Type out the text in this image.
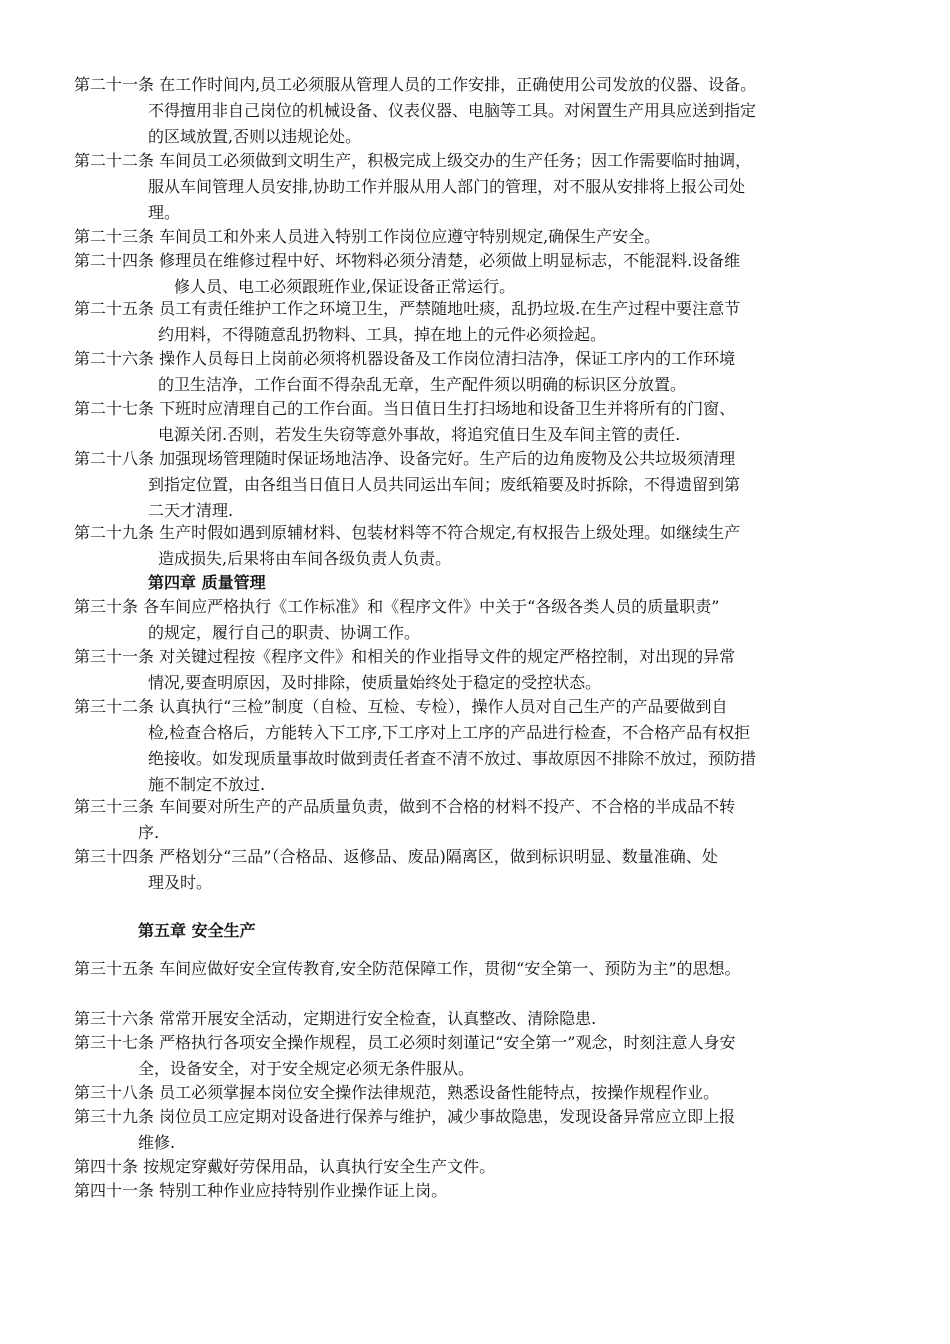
第二十一条 在工作时间内,员工必须服从管理人员的工作安排，正确使用公司发放的仪器、设备。
不得擅用非自己岗位的机械设备、仪表仪器、电脑等工具。对闲置生产用具应送到指定
的区域放置,否则以违规论处。

第二十二条 车间员工必须做到文明生产，积极完成上级交办的生产任务；因工作需要临时抽调，
服从车间管理人员安排,协助工作并服从用人部门的管理，对不服从安排将上报公司处
理。

第二十三条 车间员工和外来人员进入特别工作岗位应遵守特别规定,确保生产安全。

第二十四条 修理员在维修过程中好、坏物料必须分清楚，必须做上明显标志，不能混料.设备维
修人员、电工必须跟班作业,保证设备正常运行。

第二十五条 员工有责任维护工作之环境卫生，严禁随地吐痰，乱扔垃圾.在生产过程中要注意节
约用料，不得随意乱扔物料、工具，掉在地上的元件必须捡起。

第二十六条 操作人员每日上岗前必须将机器设备及工作岗位清扫洁净，保证工序内的工作环境
的卫生洁净，工作台面不得杂乱无章，生产配件须以明确的标识区分放置。

第二十七条 下班时应清理自己的工作台面。当日值日生打扫场地和设备卫生并将所有的门窗、
电源关闭.否则，若发生失窃等意外事故，将追究值日生及车间主管的责任.

第二十八条 加强现场管理随时保证场地洁净、设备完好。生产后的边角废物及公共垃圾须清理
到指定位置，由各组当日值日人员共同运出车间；废纸箱要及时拆除，不得遗留到第
二天才清理.

第二十九条 生产时假如遇到原辅材料、包装材料等不符合规定,有权报告上级处理。如继续生产
造成损失,后果将由车间各级负责人负责。

第四章 质量管理

第三十条 各车间应严格执行《工作标准》和《程序文件》中关于“各级各类人员的质量职责”
的规定，履行自己的职责、协调工作。

第三十一条 对关键过程按《程序文件》和相关的作业指导文件的规定严格控制，对出现的异常
情况,要查明原因，及时排除，使质量始终处于稳定的受控状态。

第三十二条 认真执行“三检”制度（自检、互检、专检），操作人员对自己生产的产品要做到自
检,检查合格后，方能转入下工序,下工序对上工序的产品进行检查，不合格产品有权拒
绝接收。如发现质量事故时做到责任者查不清不放过、事故原因不排除不放过，预防措
施不制定不放过.

第三十三条 车间要对所生产的产品质量负责，做到不合格的材料不投产、不合格的半成品不转
序.

第三十四条 严格划分“三品”（合格品、返修品、废品)隔离区，做到标识明显、数量准确、处
理及时。

第五章 安全生产

第三十五条 车间应做好安全宣传教育,安全防范保障工作，贯彻“安全第一、预防为主”的思想。

第三十六条 常常开展安全活动，定期进行安全检查，认真整改、清除隐患.

第三十七条 严格执行各项安全操作规程，员工必须时刻谨记“安全第一”观念，时刻注意人身安
全，设备安全，对于安全规定必须无条件服从。

第三十八条 员工必须掌握本岗位安全操作法律规范，熟悉设备性能特点，按操作规程作业。

第三十九条 岗位员工应定期对设备进行保养与维护，减少事故隐患，发现设备异常应立即上报
维修.

第四十条 按规定穿戴好劳保用品，认真执行安全生产文件。

第四十一条 特别工种作业应持特别作业操作证上岗。
